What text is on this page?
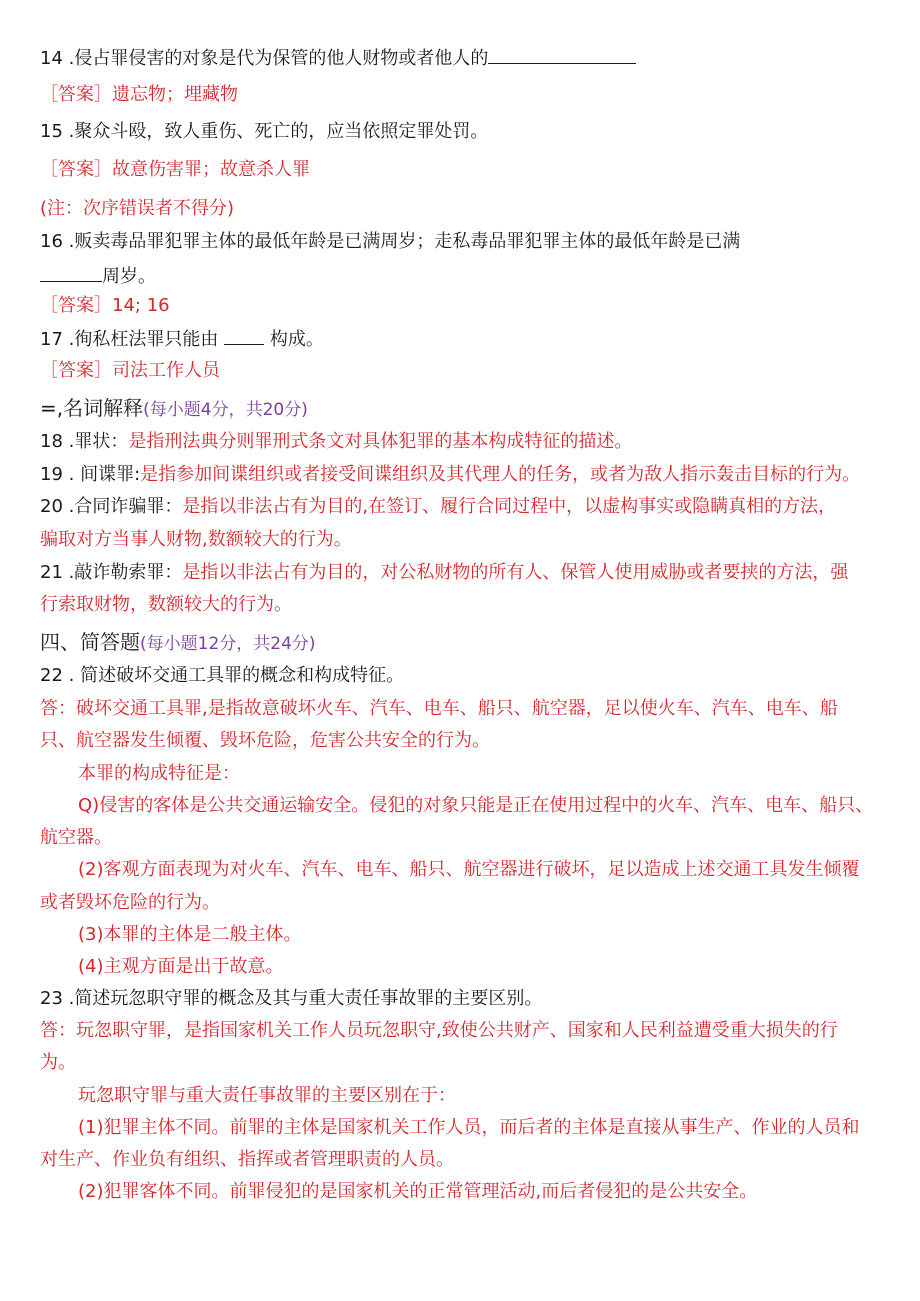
14 .侵占罪侵害的对象是代为保管的他人财物或者他人的
［答案］遗忘物；埋藏物
15 .聚众斗殴，致人重伤、死亡的，应当依照定罪处罚。
［答案］故意伤害罪；故意杀人罪
(注：次序错误者不得分)
16 .贩卖毒品罪犯罪主体的最低年龄是已满周岁；走私毒品罪犯罪主体的最低年龄是已满
周岁。
［答案］14; 16
17 .徇私枉法罪只能由	构成。
［答案］司法工作人员
=,名词解释(每小题4分，共20分)
18 .罪状：是指刑法典分则罪刑式条文对具体犯罪的基本构成特征的描述。
19 . 间谍罪:是指参加间谍组织或者接受间谍组织及其代理人的任务，或者为敌人指示轰击目标的行为。
20 .合同诈骗罪：是指以非法占有为目的,在签订、履行合同过程中，以虚构事实或隐瞒真相的方法，
骗取对方当事人财物,数额较大的行为。
21 .敲诈勒索罪：是指以非法占有为目的，对公私财物的所有人、保管人使用威胁或者要挟的方法，强
行索取财物，数额较大的行为。
四、简答题(每小题12分，共24分)
22 . 简述破坏交通工具罪的概念和构成特征。
答：破坏交通工具罪,是指故意破坏火车、汽车、电车、船只、航空器，足以使火车、汽车、电车、船
只、航空器发生倾覆、毁坏危险，危害公共安全的行为。
本罪的构成特征是：
Q)侵害的客体是公共交通运输安全。侵犯的对象只能是正在使用过程中的火车、汽车、电车、船只、
航空器。
(2)客观方面表现为对火车、汽车、电车、船只、航空器进行破坏，足以造成上述交通工具发生倾覆
或者毁坏危险的行为。
(3)本罪的主体是二般主体。
(4)主观方面是出于故意。
23 .简述玩忽职守罪的概念及其与重大责任事故罪的主要区别。
答：玩忽职守罪，是指国家机关工作人员玩忽职守,致使公共财产、国家和人民利益遭受重大损失的行
为。
玩忽职守罪与重大责任事故罪的主要区别在于：
(1)犯罪主体不同。前罪的主体是国家机关工作人员，而后者的主体是直接从事生产、作业的人员和
对生产、作业负有组织、指挥或者管理职责的人员。
(2)犯罪客体不同。前罪侵犯的是国家机关的正常管理活动,而后者侵犯的是公共安全。
